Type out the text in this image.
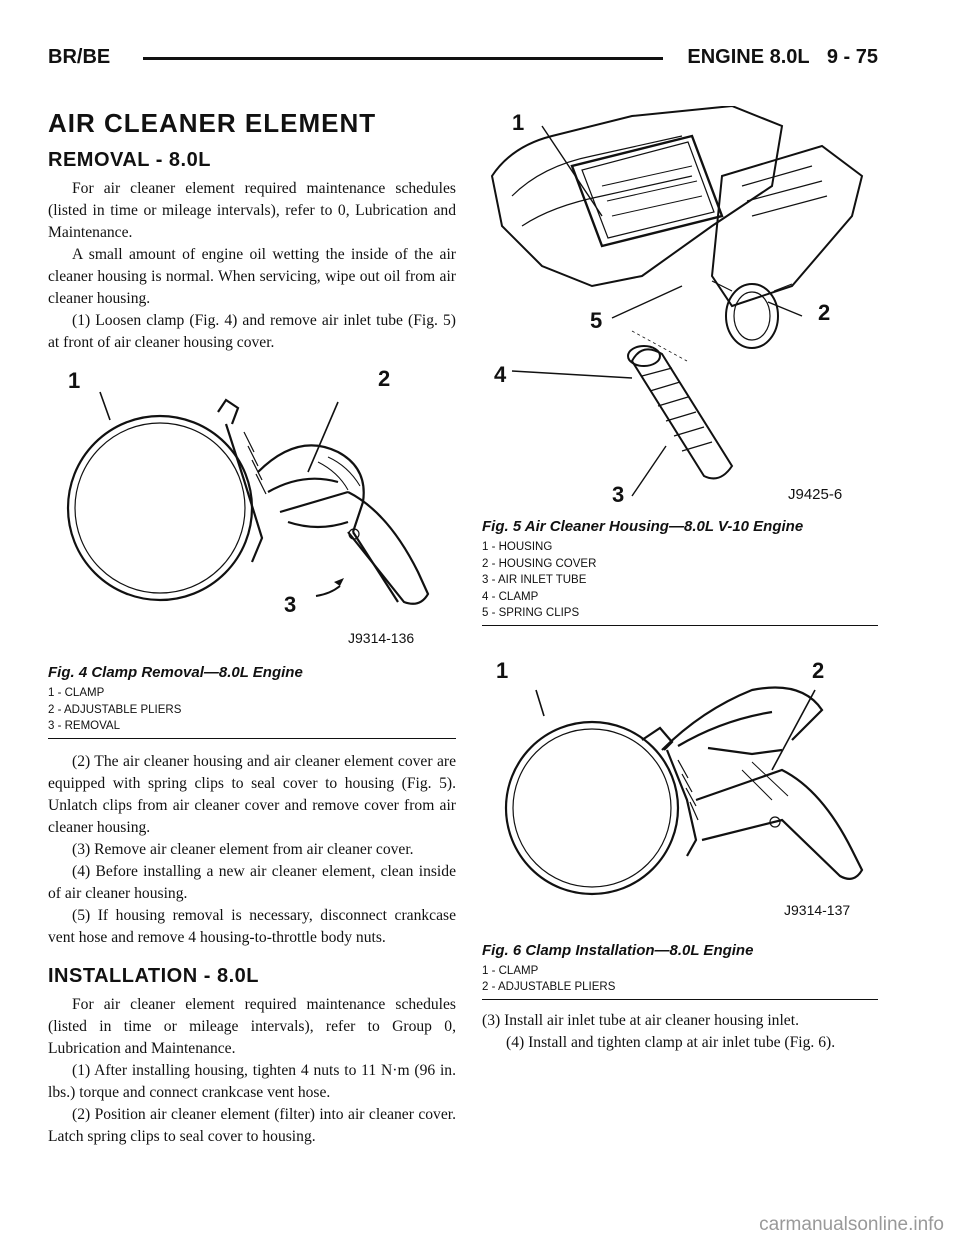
BR/BE	ENGINE 8.0L 9 - 75
AIR CLEANER ELEMENT
REMOVAL - 8.0L

For air cleaner element required maintenance schedules (listed in time or mileage intervals), refer to 0, Lubrication and Maintenance.

A small amount of engine oil wetting the inside of the air cleaner housing is normal. When servicing, wipe out oil from air cleaner housing.

(1) Loosen clamp (Fig. 4) and remove air inlet tube (Fig. 5) at front of air cleaner housing cover.

1	2
3
J9314-136
Fig. 4 Clamp Removal—8.0L Engine
1 - CLAMP
2 - ADJUSTABLE PLIERS
3 - REMOVAL

(2) The air cleaner housing and air cleaner element cover are equipped with spring clips to seal cover to housing (Fig. 5). Unlatch clips from air cleaner cover and remove cover from air cleaner housing.

(3) Remove air cleaner element from air cleaner cover.

(4) Before installing a new air cleaner element, clean inside of air cleaner housing.

(5) If housing removal is necessary, disconnect crankcase vent hose and remove 4 housing-to-throttle body nuts.

INSTALLATION - 8.0L

For air cleaner element required maintenance schedules (listed in time or mileage intervals), refer to Group 0, Lubrication and Maintenance.

(1) After installing housing, tighten 4 nuts to 11 N·m (96 in. lbs.) torque and connect crankcase vent hose.

(2) Position air cleaner element (filter) into air cleaner cover. Latch spring clips to seal cover to housing.

1
2
5
4
3	J9425-6
Fig. 5 Air Cleaner Housing—8.0L V-10 Engine
1 - HOUSING
2 - HOUSING COVER
3 - AIR INLET TUBE
4 - CLAMP
5 - SPRING CLIPS
1	2
J9314-137
Fig. 6 Clamp Installation—8.0L Engine
1 - CLAMP
2 - ADJUSTABLE PLIERS

(3) Install air inlet tube at air cleaner housing inlet.

(4) Install and tighten clamp at air inlet tube (Fig. 6).

carmanualsonline.info
